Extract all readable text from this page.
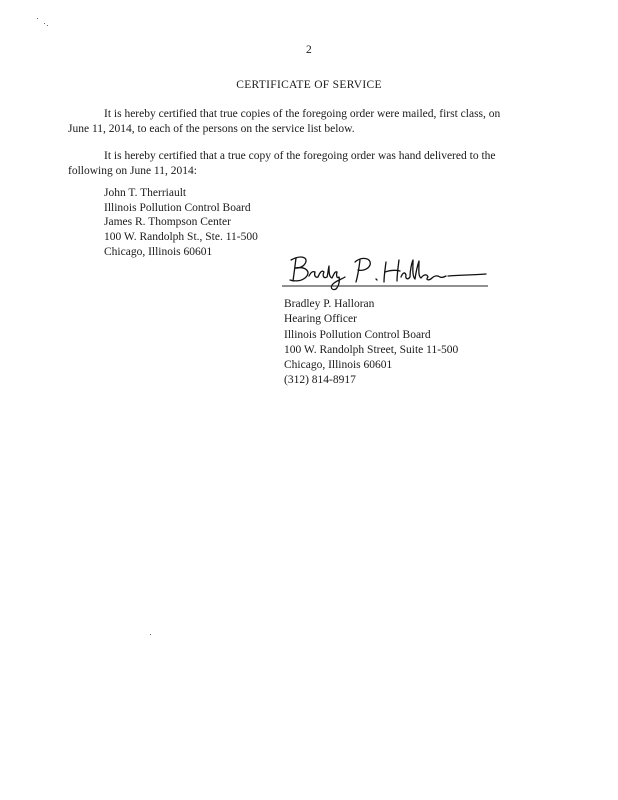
2
CERTIFICATE OF SERVICE
It is hereby certified that true copies of the foregoing order were mailed, first class, on
June 11, 2014, to each of the persons on the service list below.
It is hereby certified that a true copy of the foregoing order was hand delivered to the
following on June 11, 2014:
John T. Therriault
Illinois Pollution Control Board
James R. Thompson Center
100 W. Randolph St., Ste. 11-500
Chicago, Illinois 60601
Bradley P. Halloran
Hearing Officer
Illinois Pollution Control Board
100 W. Randolph Street, Suite 11-500
Chicago, Illinois 60601
(312) 814-8917
